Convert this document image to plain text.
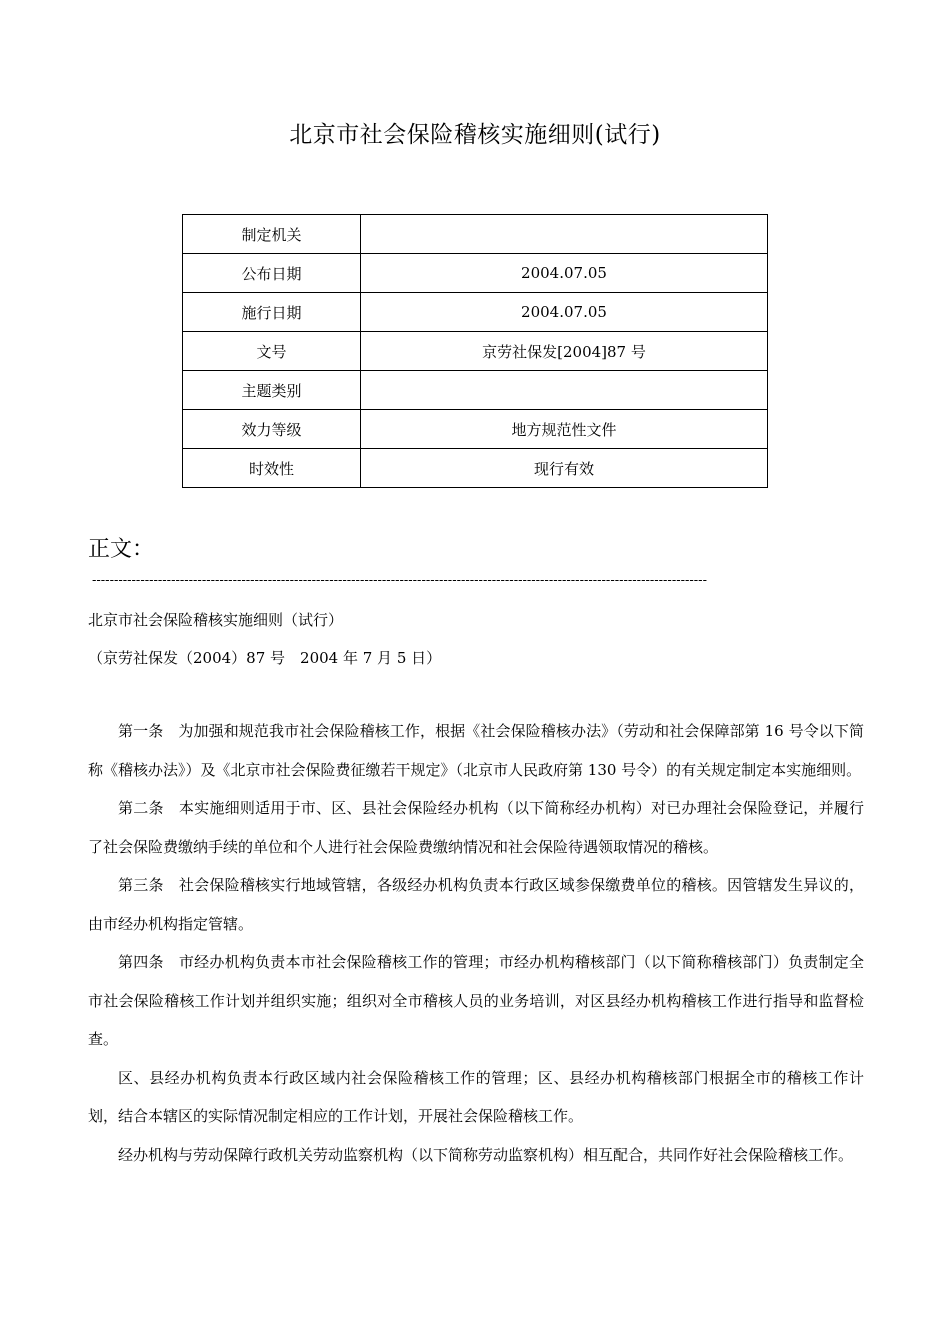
北京市社会保险稽核实施细则(试行)
制定机关	
公布日期	2004.07.05
施行日期	2004.07.05
文号	京劳社保发[2004]87 号
主题类别	
效力等级	地方规范性文件
时效性	现行有效
正文：
--------------------------------------------------------------------------------------------------------------------------------------------
北京市社会保险稽核实施细则（试行）
（京劳社保发（2004）87 号　2004 年 7 月 5 日）

第一条　为加强和规范我市社会保险稽核工作，根据《社会保险稽核办法》（劳动和社会保障部第 16 号令以下简称《稽核办法》）及《北京市社会保险费征缴若干规定》（北京市人民政府第 130 号令）的有关规定制定本实施细则。

第二条　本实施细则适用于市、区、县社会保险经办机构（以下简称经办机构）对已办理社会保险登记，并履行了社会保险费缴纳手续的单位和个人进行社会保险费缴纳情况和社会保险待遇领取情况的稽核。

第三条　社会保险稽核实行地域管辖，各级经办机构负责本行政区域参保缴费单位的稽核。因管辖发生异议的，由市经办机构指定管辖。

第四条　市经办机构负责本市社会保险稽核工作的管理；市经办机构稽核部门（以下简称稽核部门）负责制定全市社会保险稽核工作计划并组织实施；组织对全市稽核人员的业务培训，对区县经办机构稽核工作进行指导和监督检查。

区、县经办机构负责本行政区域内社会保险稽核工作的管理；区、县经办机构稽核部门根据全市的稽核工作计划，结合本辖区的实际情况制定相应的工作计划，开展社会保险稽核工作。

经办机构与劳动保障行政机关劳动监察机构（以下简称劳动监察机构）相互配合，共同作好社会保险稽核工作。
